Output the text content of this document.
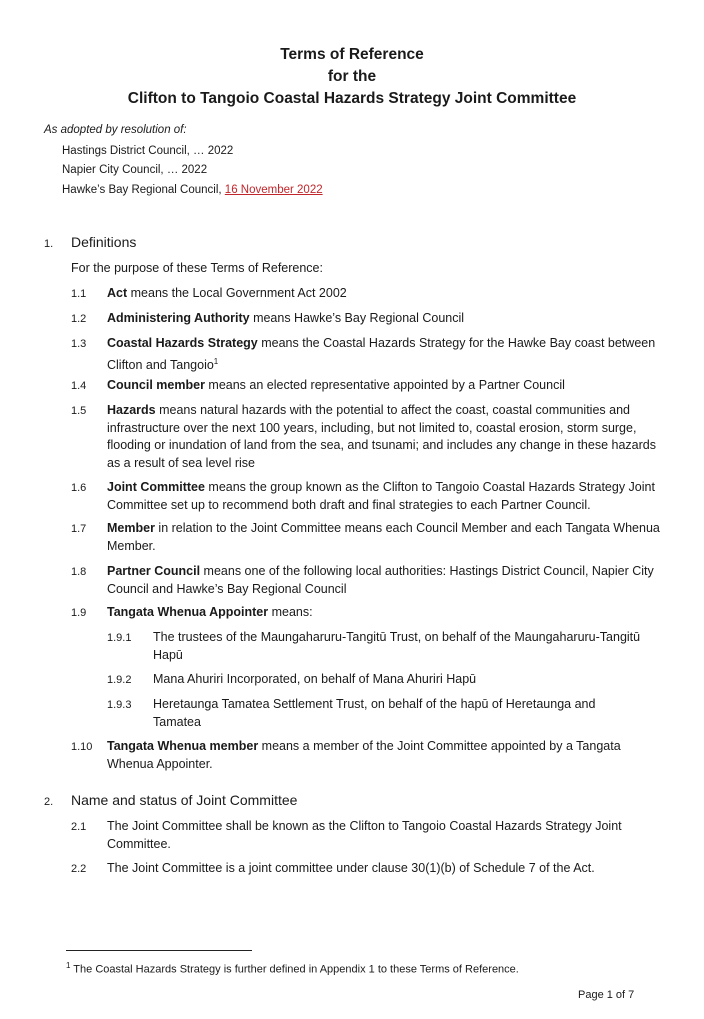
Terms of Reference
for the
Clifton to Tangoio Coastal Hazards Strategy Joint Committee
As adopted by resolution of:
Hastings District Council, … 2022
Napier City Council, … 2022
Hawke’s Bay Regional Council, 16 November 2022
1. Definitions
For the purpose of these Terms of Reference:
1.1 Act means the Local Government Act 2002
1.2 Administering Authority means Hawke’s Bay Regional Council
1.3 Coastal Hazards Strategy means the Coastal Hazards Strategy for the Hawke Bay coast between Clifton and Tangoio$^1$
1.4 Council member means an elected representative appointed by a Partner Council
1.5 Hazards means natural hazards with the potential to affect the coast, coastal communities and infrastructure over the next 100 years, including, but not limited to, coastal erosion, storm surge, flooding or inundation of land from the sea, and tsunami; and includes any change in these hazards as a result of sea level rise
1.6 Joint Committee means the group known as the Clifton to Tangoio Coastal Hazards Strategy Joint Committee set up to recommend both draft and final strategies to each Partner Council.
1.7 Member in relation to the Joint Committee means each Council Member and each Tangata Whenua Member.
1.8 Partner Council means one of the following local authorities: Hastings District Council, Napier City Council and Hawke’s Bay Regional Council
1.9 Tangata Whenua Appointer means:
1.9.1 The trustees of the Maungaharuru-Tangitū Trust, on behalf of the Maungaharuru-Tangitū Hapū
1.9.2 Mana Ahuriri Incorporated, on behalf of Mana Ahuriri Hapū
1.9.3 Heretaunga Tamatea Settlement Trust, on behalf of the hapū of Heretaunga and Tamatea
1.10 Tangata Whenua member means a member of the Joint Committee appointed by a Tangata Whenua Appointer.
2. Name and status of Joint Committee
2.1 The Joint Committee shall be known as the Clifton to Tangoio Coastal Hazards Strategy Joint Committee.
2.2 The Joint Committee is a joint committee under clause 30(1)(b) of Schedule 7 of the Act.
$^1$ The Coastal Hazards Strategy is further defined in Appendix 1 to these Terms of Reference.
Page 1 of 7
